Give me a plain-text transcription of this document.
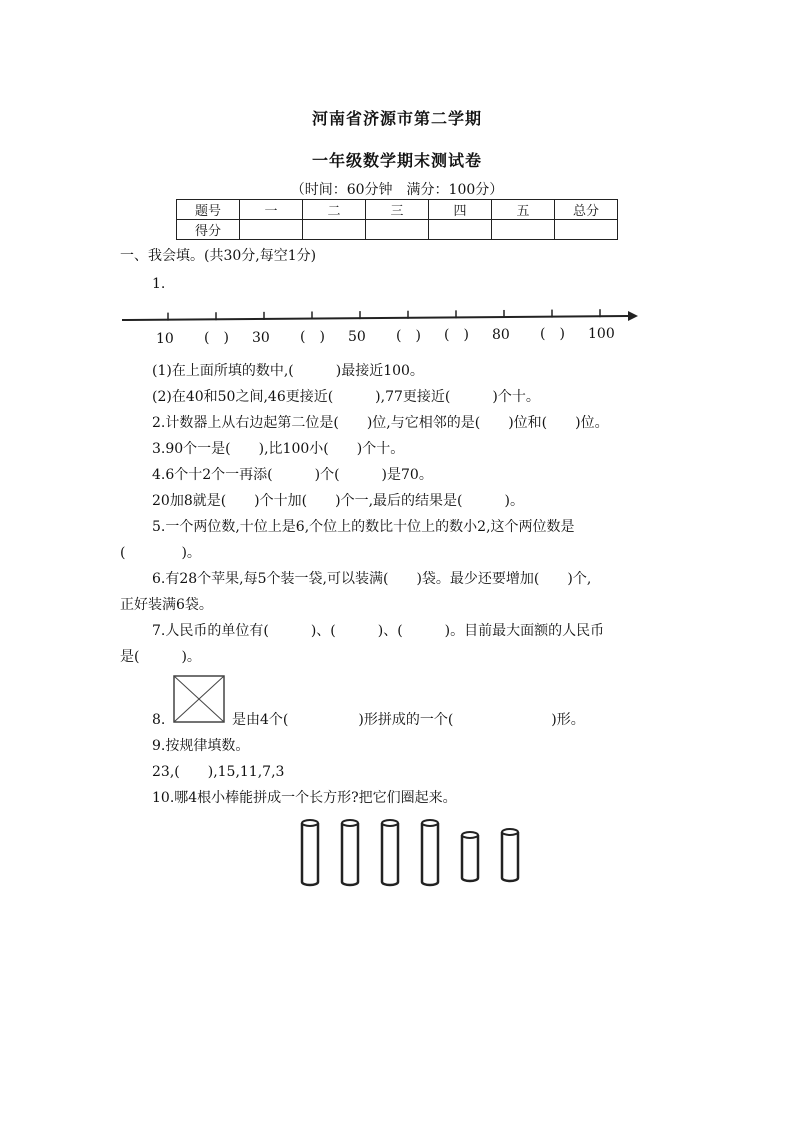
河南省济源市第二学期
一年级数学期末测试卷
（时间：60分钟　满分：100分）
题号	一	二	三	四	五	总分
得分						
一、我会填。(共30分,每空1分)
1.
10 (　) 30 (　) 50 (　) (　) 80 (　) 100
(1)在上面所填的数中,(　　　)最接近100。
(2)在40和50之间,46更接近(　　　),77更接近(　　　)个十。
2.计数器上从右边起第二位是(　　)位,与它相邻的是(　　)位和(　　)位。
3.90个一是(　　),比100小(　　)个十。
4.6个十2个一再添(　　　)个(　　　)是70。
20加8就是(　　)个十加(　　)个一,最后的结果是(　　　)。
5.一个两位数,十位上是6,个位上的数比十位上的数小2,这个两位数是
(　　　　)。
6.有28个苹果,每5个装一袋,可以装满(　　)袋。最少还要增加(　　)个,
正好装满6袋。
7.人民币的单位有(　　　)、(　　　)、(　　　)。目前最大面额的人民币
是(　　　)。
8.	是由4个(　　　　　)形拼成的一个(　　　　　　　)形。
9.按规律填数。
23,(　　),15,11,7,3
10.哪4根小棒能拼成一个长方形?把它们圈起来。
